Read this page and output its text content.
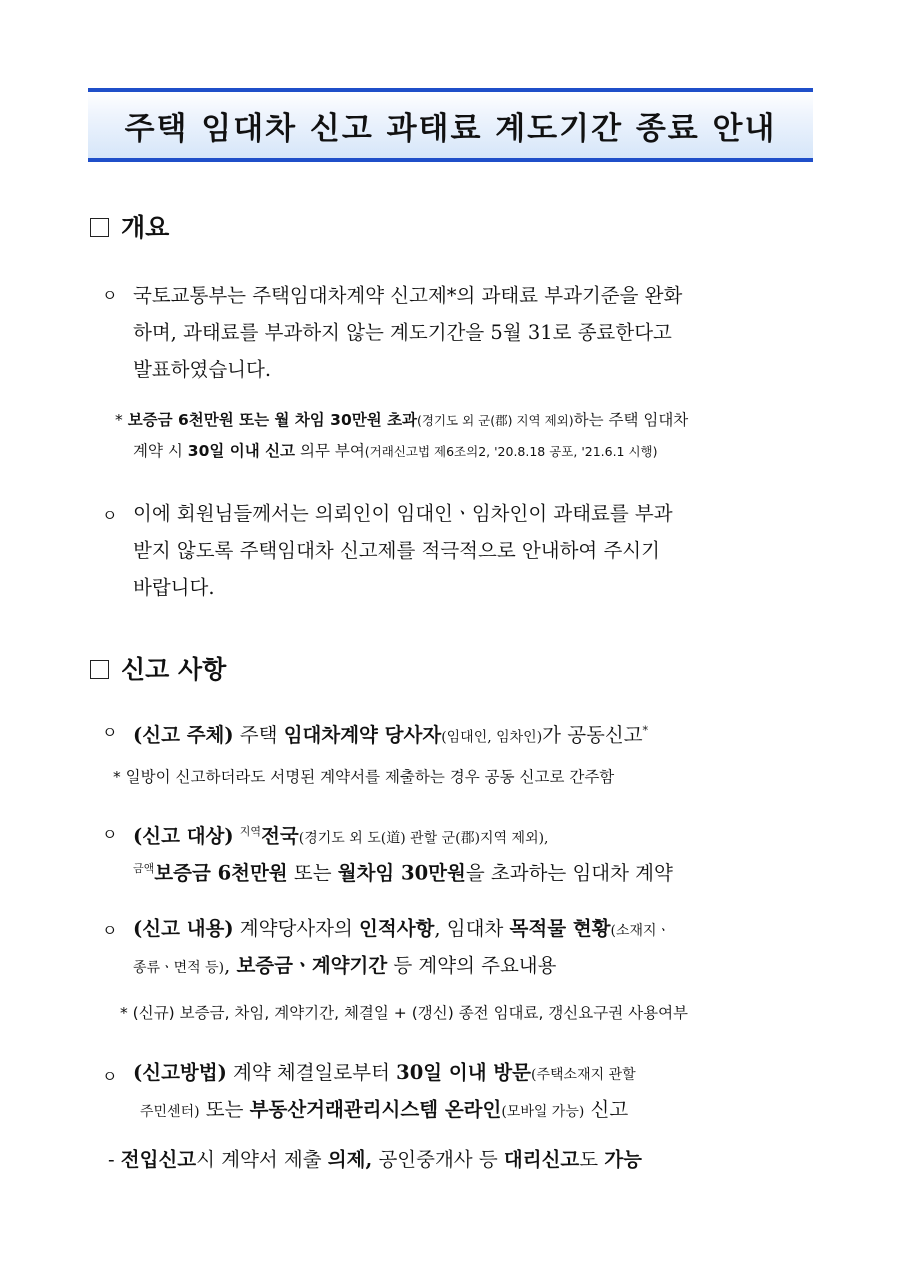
주택 임대차 신고 과태료 계도기간 종료 안내
개요
ㅇ 국토교통부는 주택임대차계약 신고제*의 과태료 부과기준을 완화
하며, 과태료를 부과하지 않는 계도기간을 5월 31로 종료한다고
발표하였습니다.
* 보증금 6천만원 또는 월 차임 30만원 초과(경기도 외 군(郡) 지역 제외)하는 주택 임대차
계약 시 30일 이내 신고 의무 부여(거래신고법 제6조의2, '20.8.18 공포, '21.6.1 시행)
ㅇ 이에 회원님들께서는 의뢰인이 임대인ㆍ임차인이 과태료를 부과
받지 않도록 주택임대차 신고제를 적극적으로 안내하여 주시기
바랍니다.
신고 사항
ㅇ (신고 주체) 주택 임대차계약 당사자(임대인, 임차인)가 공동신고*
* 일방이 신고하더라도 서명된 계약서를 제출하는 경우 공동 신고로 간주함
ㅇ (신고 대상) $^{지역}$전국(경기도 외 도(道) 관할 군(郡)지역 제외),
$^{금액}$보증금 6천만원 또는 월차임 30만원을 초과하는 임대차 계약
ㅇ (신고 내용) 계약당사자의 인적사항, 임대차 목적물 현황(소재지ㆍ
종류ㆍ면적 등), 보증금ㆍ계약기간 등 계약의 주요내용
* (신규) 보증금, 차임, 계약기간, 체결일 + (갱신) 종전 임대료, 갱신요구권 사용여부
ㅇ (신고방법) 계약 체결일로부터 30일 이내 방문(주택소재지 관할
주민센터) 또는 부동산거래관리시스템 온라인(모바일 가능) 신고
- 전입신고시 계약서 제출 의제, 공인중개사 등 대리신고도 가능
